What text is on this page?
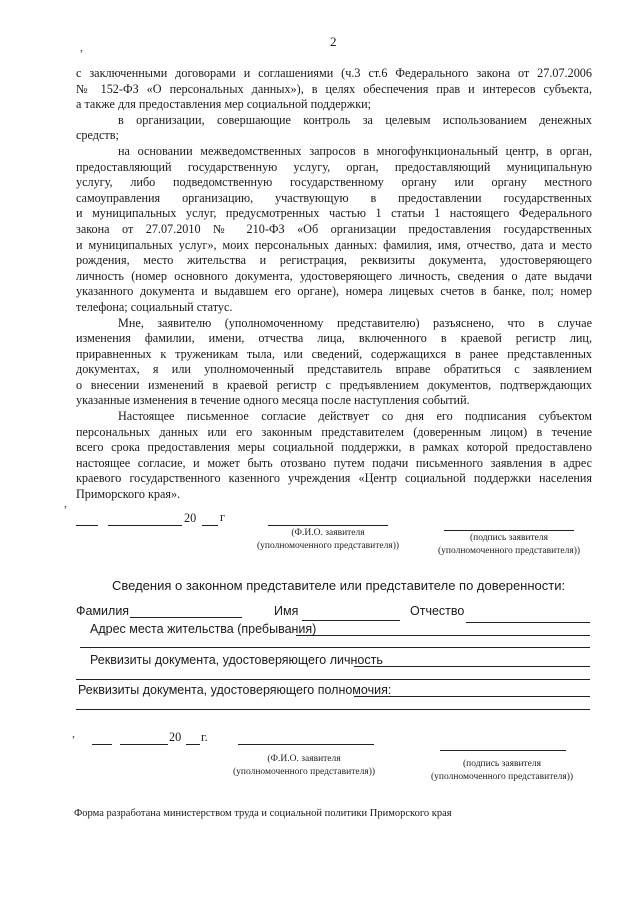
2
,
с заключенными договорами и соглашениями (ч.3 ст.6 Федерального закона от 27.07.2006
№ 152-ФЗ «О персональных данных»), в целях обеспечения прав и интересов субъекта,
а также для предоставления мер социальной поддержки;
в организации, совершающие контроль за целевым использованием денежных
средств;
на основании межведомственных запросов в многофункциональный центр, в орган,
предоставляющий государственную услугу, орган, предоставляющий муниципальную
услугу, либо подведомственную государственному органу или органу местного
самоуправления организацию, участвующую в предоставлении государственных
и муниципальных услуг, предусмотренных частью 1 статьи 1 настоящего Федерального
закона от 27.07.2010 № 210-ФЗ «Об организации предоставления государственных
и муниципальных услуг», моих персональных данных: фамилия, имя, отчество, дата и место
рождения, место жительства и регистрация, реквизиты документа, удостоверяющего
личность (номер основного документа, удостоверяющего личность, сведения о дате выдачи
указанного документа и выдавшем его органе), номера лицевых счетов в банке, пол; номер
телефона; социальный статус.
Мне, заявителю (уполномоченному представителю) разъяснено, что в случае
изменения фамилии, имени, отчества лица, включенного в краевой регистр лиц,
приравненных к труженикам тыла, или сведений, содержащихся в ранее представленных
документах, я или уполномоченный представитель вправе обратиться с заявлением
о внесении изменений в краевой регистр с предъявлением документов, подтверждающих
указанные изменения в течение одного месяца после наступления событий.
Настоящее письменное согласие действует со дня его подписания субъектом
персональных данных или его законным представителем (доверенным лицом) в течение
всего срока предоставления меры социальной поддержки, в рамках которой предоставлено
настоящее согласие, и может быть отозвано путем подачи письменного заявления в адрес
краевого государственного казенного учреждения «Центр социальной поддержки населения
Приморского края».
,
20 г
(Ф.И.О. заявителя
(уполномоченного представителя))
(подпись заявителя
(уполномоченного представителя))
Сведения о законном представителе или представителе по доверенности:
Фамилия	Имя	Отчество
Адрес места жительства (пребывания)
Реквизиты документа, удостоверяющего личность
Реквизиты документа, удостоверяющего полномочия:
,	20 г.
(Ф.И.О. заявителя
(уполномоченного представителя))
(подпись заявителя
(уполномоченного представителя))
Форма разработана министерством труда и социальной политики Приморского края
